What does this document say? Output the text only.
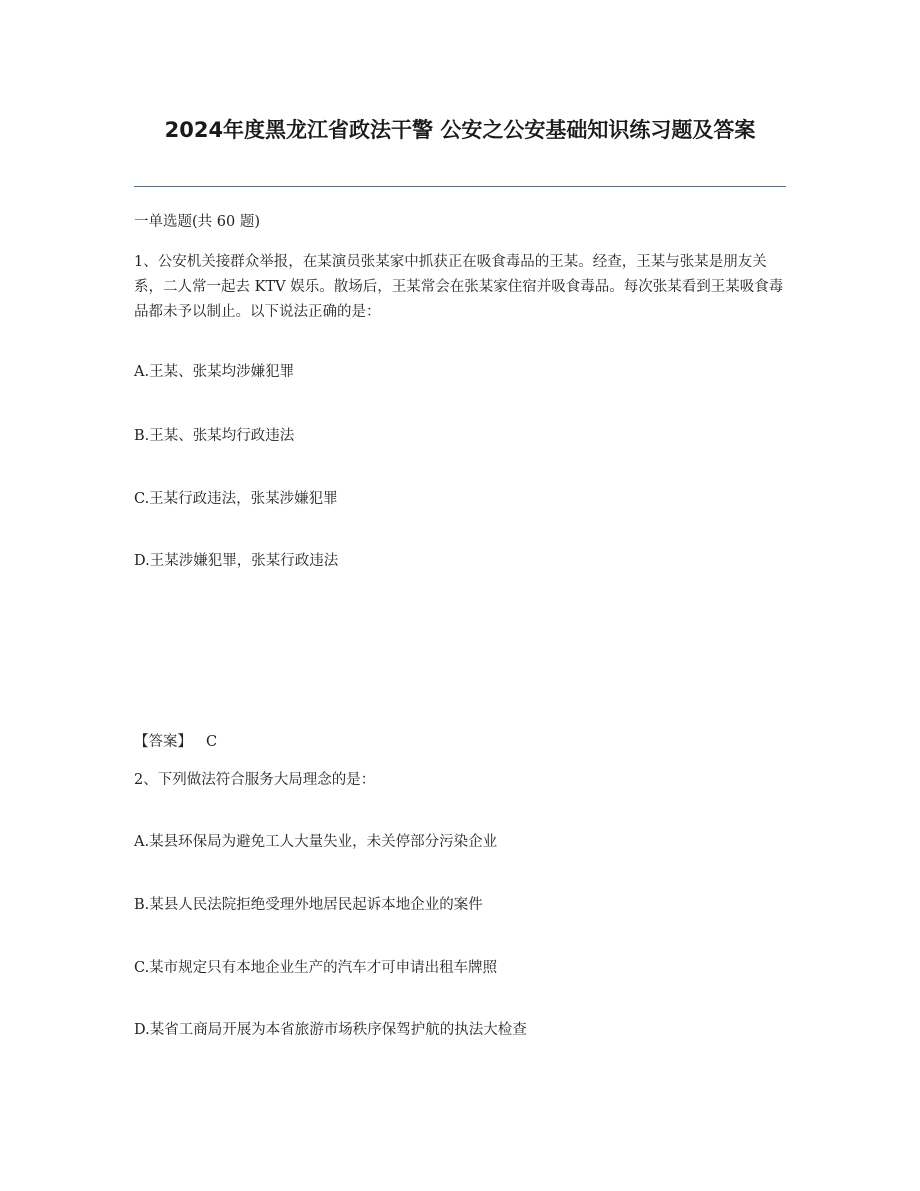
2024年度黑龙江省政法干警 公安之公安基础知识练习题及答案

一单选题(共 60 题)

1、公安机关接群众举报，在某演员张某家中抓获正在吸食毒品的王某。经查，王某与张某是朋友关系，二人常一起去 KTV 娱乐。散场后，王某常会在张某家住宿并吸食毒品。每次张某看到王某吸食毒品都未予以制止。以下说法正确的是：

A.王某、张某均涉嫌犯罪

B.王某、张某均行政违法

C.王某行政违法，张某涉嫌犯罪

D.王某涉嫌犯罪，张某行政违法

【答案】 C

2、下列做法符合服务大局理念的是：

A.某县环保局为避免工人大量失业，未关停部分污染企业

B.某县人民法院拒绝受理外地居民起诉本地企业的案件

C.某市规定只有本地企业生产的汽车才可申请出租车牌照

D.某省工商局开展为本省旅游市场秩序保驾护航的执法大检查
